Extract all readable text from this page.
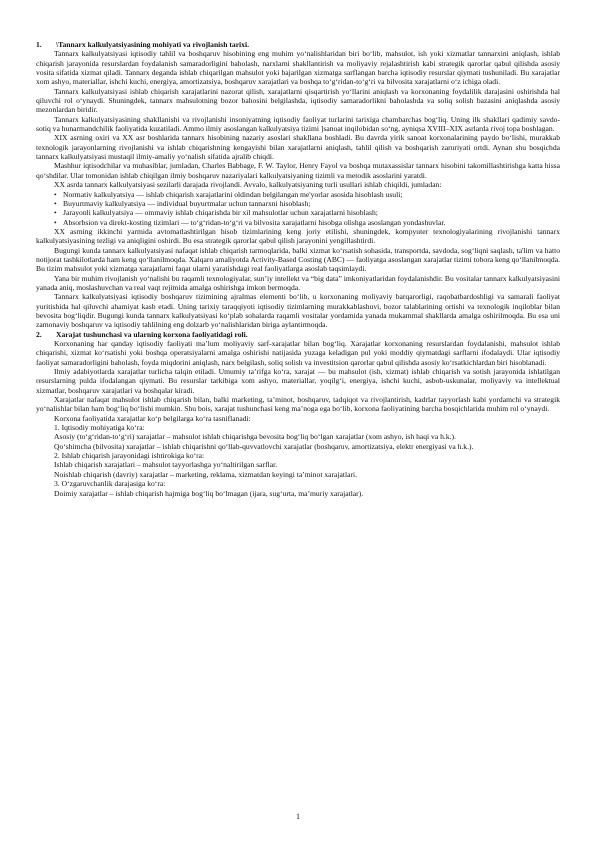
1.	\Tannarx kalkulyatsiyasining mohiyati va rivojlanish tarixi.

Tannarx kalkulyatsiyasi iqtisodiy tahlil va boshqaruv hisobining eng muhim yo‘nalishlaridan biri bo‘lib, mahsulot, ish yoki xizmatlar tannarxini aniqlash, ishlab chiqarish jarayonida resurslardan foydalanish samaradorligini baholash, narxlarni shakllantirish va moliyaviy rejalashtirish kabi strategik qarorlar qabul qilishda asosiy vosita sifatida xizmat qiladi. Tannarx deganda ishlab chiqarilgan mahsulot yoki bajarilgan xizmatga sarflangan barcha iqtisodiy resurslar qiymati tushuniladi. Bu xarajatlar xom ashyo, materiallar, ishchi kuchi, energiya, amortizatsiya, boshqaruv xarajatlari va boshqa to‘g‘ridan-to‘g‘ri va bilvosita xarajatlarni o‘z ichiga oladi.

Tannarx kalkulyatsiyasi ishlab chiqarish xarajatlarini nazorat qilish, xarajatlarni qisqartirish yo‘llarini aniqlash va korxonaning foydalilik darajasini oshirishda hal qiluvchi rol o‘ynaydi. Shuningdek, tannarx mahsulotning bozor bahosini belgilashda, iqtisodiy samaradorlikni baholashda va soliq solish bazasini aniqlashda asosiy mezonlardan biridir.

Tannarx kalkulyatsiyasining shakllanishi va rivojlanishi insoniyatning iqtisodiy faoliyat turlarini tarixiga chambarchas bog‘liq. Uning ilk shakllari qadimiy savdo-sotiq va hunarmandchilik faoliyatida kuzatiladi. Ammo ilmiy asoslangan kalkulyatsiya tizimi ]sanoat inqilobidan so‘ng, ayniqsa XVIII–XIX asrlarda rivoj topa boshlagan.

XIX asrning oxiri va XX asr boshlarida tannarx hisobining nazariy asoslari shakllana boshladi. Bu davrda yirik sanoat korxonalarining paydo bo‘lishi, murakkab texnologik jarayonlarning rivojlanishi va ishlab chiqarishning kengayishi bilan xarajatlarni aniqlash, tahlil qilish va boshqarish zaruriyati ortdi. Aynan shu bosqichda tannarx kalkulyatsiyasi mustaqil ilmiy-amaliy yo‘nalish sifatida ajralib chiqdi.

Mashhur iqtisodchilar va muhasiblar, jumladan, Charles Babbage, F. W. Taylor, Henry Fayol va boshqa mutaxassislar tannarx hisobini takomillashtirishga katta hissa qo‘shdilar. Ular tomonidan ishlab chiqilgan ilmiy boshqaruv nazariyalari kalkulyatsiyaning tizimli va metodik asoslarini yaratdi.

XX asrda tannarx kalkulyatsiyasi sezilarli darajada rivojlandi. Avvalo, kalkulyatsiyaning turli usullari ishlab chiqildi, jumladan:

• Normativ kalkulyatsiya — ishlab chiqarish xarajatlarini oldindan belgilangan me'yorlar asosida hisoblash usuli;
• Buyurtmaviy kalkulyatsiya — individual buyurtmalar uchun tannarxni hisoblash;
• Jarayonli kalkulyatsiya — ommaviy ishlab chiqarishda bir xil mahsulotlar uchun xarajatlarni hisoblash;
• Absorbsion va direkt-kosting tizimlari — to‘g‘ridan-to‘g‘ri va bilvosita xarajatlarni hisobga olishga asoslangan yondashuvlar.

XX asrning ikkinchi yarmida avtomatlashtirilgan hisob tizimlarining keng joriy etilishi, shuningdek, kompyuter texnologiyalarining rivojlanishi tannarx kalkulyatsiyasining tezligi va aniqligini oshirdi. Bu esa strategik qarorlar qabul qilish jarayonini yengillashtirdi.

Bugungi kunda tannarx kalkulyatsiyasi nafaqat ishlab chiqarish tarmoqlarida, balki xizmat ko‘rsatish sohasida, transportda, savdoda, sog‘liqni saqlash, ta'lim va hatto notijorat tashkilotlarda ham keng qo‘llanilmoqda. Xalqaro amaliyotda Activity-Based Costing (ABC) — faoliyatga asoslangan xarajatlar tizimi tobora keng qo‘llanilmoqda. Bu tizim mahsulot yoki xizmatga xarajatlarni faqat ularni yaratishdagi real faoliyatlarga asoslab taqsimlaydi.

Yana bir muhim rivojlanish yo‘nalishi bu raqamli texnologiyalar, sun’iy intellekt va “big data” imkoniyatlaridan foydalanishdir. Bu vositalar tannarx kalkulyatsiyasini yanada aniq, moslashuvchan va real vaqt rejimida amalga oshirishga imkon bermoqda.

Tannarx kalkulyatsiyasi iqtisodiy boshqaruv tizimining ajralmas elementi bo‘lib, u korxonaning moliyaviy barqarorligi, raqobatbardoshligi va samarali faoliyat yuritishida hal qiluvchi ahamiyat kasb etadi. Uning tarixiy taraqqiyoti iqtisodiy tizimlarning murakkablashuvi, bozor talablarining ortishi va texnologik inqiloblar bilan bevosita bog‘liqdir. Bugungi kunda tannarx kalkulyatsiyasi ko‘plab sohalarda raqamli vositalar yordamida yanada mukammal shakllarda amalga oshirilmoqda. Bu esa uni zamonaviy boshqaruv va iqtisodiy tahlilning eng dolzarb yo‘nalishlaridan biriga aylantirmoqda.

2.	Xarajat tushunchasi va ularning korxona faoliyatidagi roli.

Korxonaning har qanday iqtisodiy faoliyati ma’lum moliyaviy sarf-xarajatlar bilan bog‘liq. Xarajatlar korxonaning resurslardan foydalanishi, mahsulot ishlab chiqarishi, xizmat ko‘rsatishi yoki boshqa operatsiyalarni amalga oshirishi natijasida yuzaga keladigan pul yoki moddiy qiymatdagi sarflarni ifodalaydi. Ular iqtisodiy faoliyat samaradorligini baholash, foyda miqdorini aniqlash, narx belgilash, soliq solish va investitsion qarorlar qabul qilishda asosiy ko‘rsatkichlardan biri hisoblanadi.

Ilmiy adabiyotlarda xarajatlar turlicha talqin etiladi. Umumiy ta’rifga ko‘ra, xarajat — bu mahsulot (ish, xizmat) ishlab chiqarish va sotish jarayonida ishlatilgan resurslarning pulda ifodalangan qiymati. Bu resurslar tarkibiga xom ashyo, materiallar, yoqilg‘i, energiya, ishchi kuchi, asbob-uskunalar, moliyaviy va intellektual xizmatlar, boshqaruv xarajatlari va boshqalar kiradi.

Xarajatlar nafaqat mahsulot ishlab chiqarish bilan, balki marketing, ta’minot, boshqaruv, tadqiqot va rivojlantirish, kadrlar tayyorlash kabi yordamchi va strategik yo‘nalishlar bilan ham bog‘liq bo‘lishi mumkin. Shu bois, xarajat tushunchasi keng ma’noga ega bo‘lib, korxona faoliyatining barcha bosqichlarida muhim rol o‘ynaydi.

Korxona faoliyatida xarajatlar ko‘p belgilarga ko‘ra tasniflanadi:

1. Iqtisodiy mohiyatiga ko‘ra:

Asosiy (to‘g‘ridan-to‘g‘ri) xarajatlar – mahsulot ishlab chiqarishga bevosita bog‘liq bo‘lgan xarajatlar (xom ashyo, ish haqi va h.k.).

Qo‘shimcha (bilvosita) xarajatlar – ishlab chiqarishni qo‘llab-quvvatlovchi xarajatlar (boshqaruv, amortizatsiya, elektr energiyasi va h.k.).

2. Ishlab chiqarish jarayonidagi ishtirokiga ko‘ra:

Ishlab chiqarish xarajatlari – mahsulot tayyorlashga yo‘naltirilgan sarflar.

Noishlab chiqarish (davriy) xarajatlar – marketing, reklama, xizmatdan keyingi ta’minot xarajatlari.

3. O‘zgaruvchanlik darajasiga ko‘ra:

Doimiy xarajatlar – ishlab chiqarish hajmiga bog‘liq bo‘lmagan (ijara, sug‘urta, ma’muriy xarajatlar).

1
